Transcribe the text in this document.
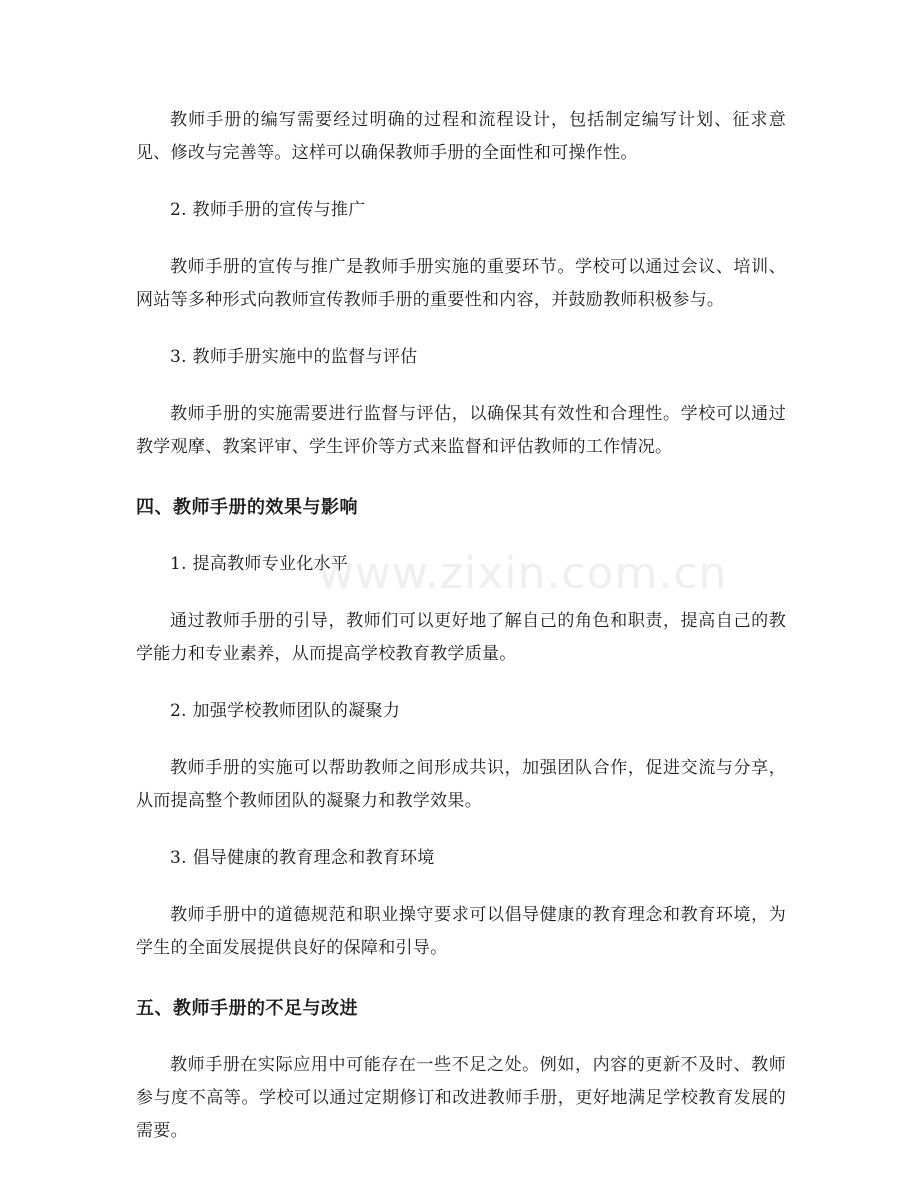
教师手册的编写需要经过明确的过程和流程设计，包括制定编写计划、征求意见、修改与完善等。这样可以确保教师手册的全面性和可操作性。

2. 教师手册的宣传与推广

教师手册的宣传与推广是教师手册实施的重要环节。学校可以通过会议、培训、网站等多种形式向教师宣传教师手册的重要性和内容，并鼓励教师积极参与。

3. 教师手册实施中的监督与评估

教师手册的实施需要进行监督与评估，以确保其有效性和合理性。学校可以通过教学观摩、教案评审、学生评价等方式来监督和评估教师的工作情况。

四、教师手册的效果与影响

1. 提高教师专业化水平

通过教师手册的引导，教师们可以更好地了解自己的角色和职责，提高自己的教学能力和专业素养，从而提高学校教育教学质量。

2. 加强学校教师团队的凝聚力

教师手册的实施可以帮助教师之间形成共识，加强团队合作，促进交流与分享，从而提高整个教师团队的凝聚力和教学效果。

3. 倡导健康的教育理念和教育环境

教师手册中的道德规范和职业操守要求可以倡导健康的教育理念和教育环境，为学生的全面发展提供良好的保障和引导。

五、教师手册的不足与改进

教师手册在实际应用中可能存在一些不足之处。例如，内容的更新不及时、教师参与度不高等。学校可以通过定期修订和改进教师手册，更好地满足学校教育发展的需要。

www.zixin.com.cn
